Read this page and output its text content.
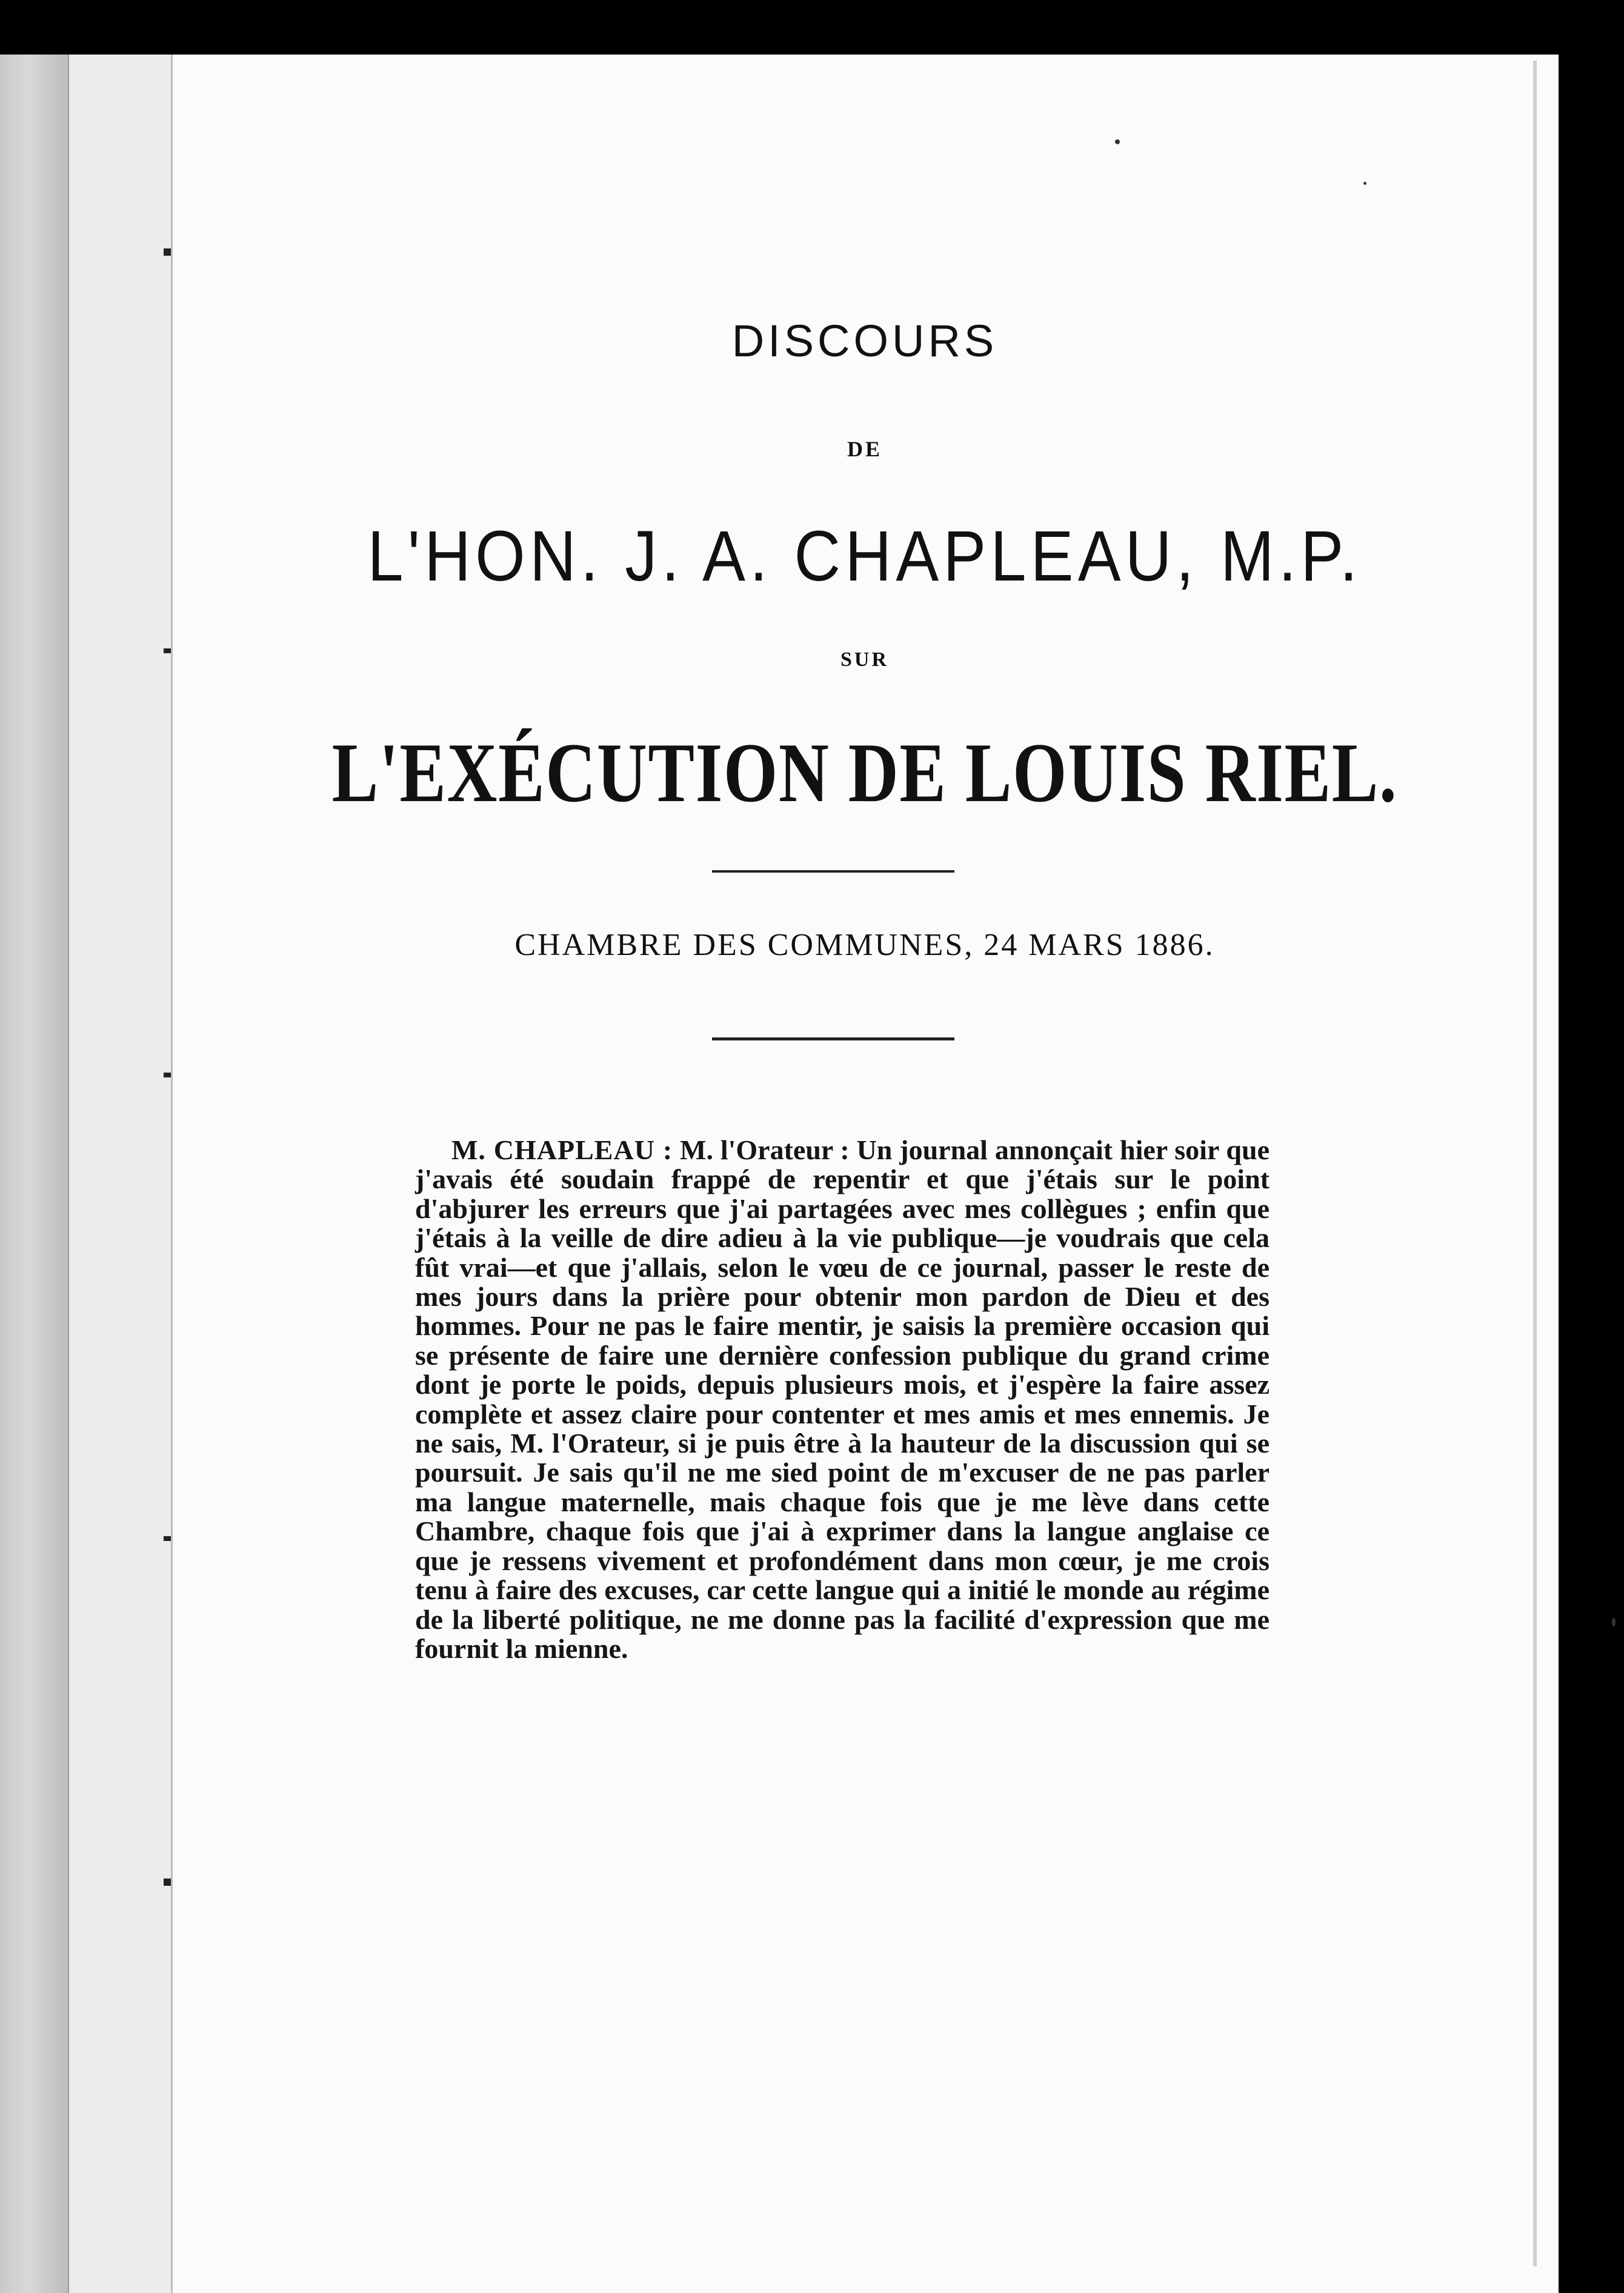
DISCOURS
DE
L'HON. J. A. CHAPLEAU, M.P.
SUR
L'EXÉCUTION DE LOUIS RIEL.
CHAMBRE DES COMMUNES, 24 MARS 1886.

M. CHAPLEAU : M. l'Orateur : Un journal annonçait hier soir que j'avais été soudain frappé de repentir et que j'étais sur le point d'abjurer les erreurs que j'ai partagées avec mes collègues ; enfin que j'étais à la veille de dire adieu à la vie publique—je voudrais que cela fût vrai—et que j'allais, selon le vœu de ce journal, passer le reste de mes jours dans la prière pour obtenir mon pardon de Dieu et des hommes. Pour ne pas le faire mentir, je saisis la première occasion qui se présente de faire une dernière confession publique du grand crime dont je porte le poids, depuis plusieurs mois, et j'espère la faire assez complète et assez claire pour contenter et mes amis et mes ennemis. Je ne sais, M. l'Orateur, si je puis être à la hauteur de la discussion qui se poursuit. Je sais qu'il ne me sied point de m'excuser de ne pas parler ma langue maternelle, mais chaque fois que je me lève dans cette Chambre, chaque fois que j'ai à exprimer dans la langue anglaise ce que je ressens vivement et profondément dans mon cœur, je me crois tenu à faire des excuses, car cette langue qui a initié le monde au régime de la liberté politique, ne me donne pas la facilité d'expression que me fournit la mienne.
